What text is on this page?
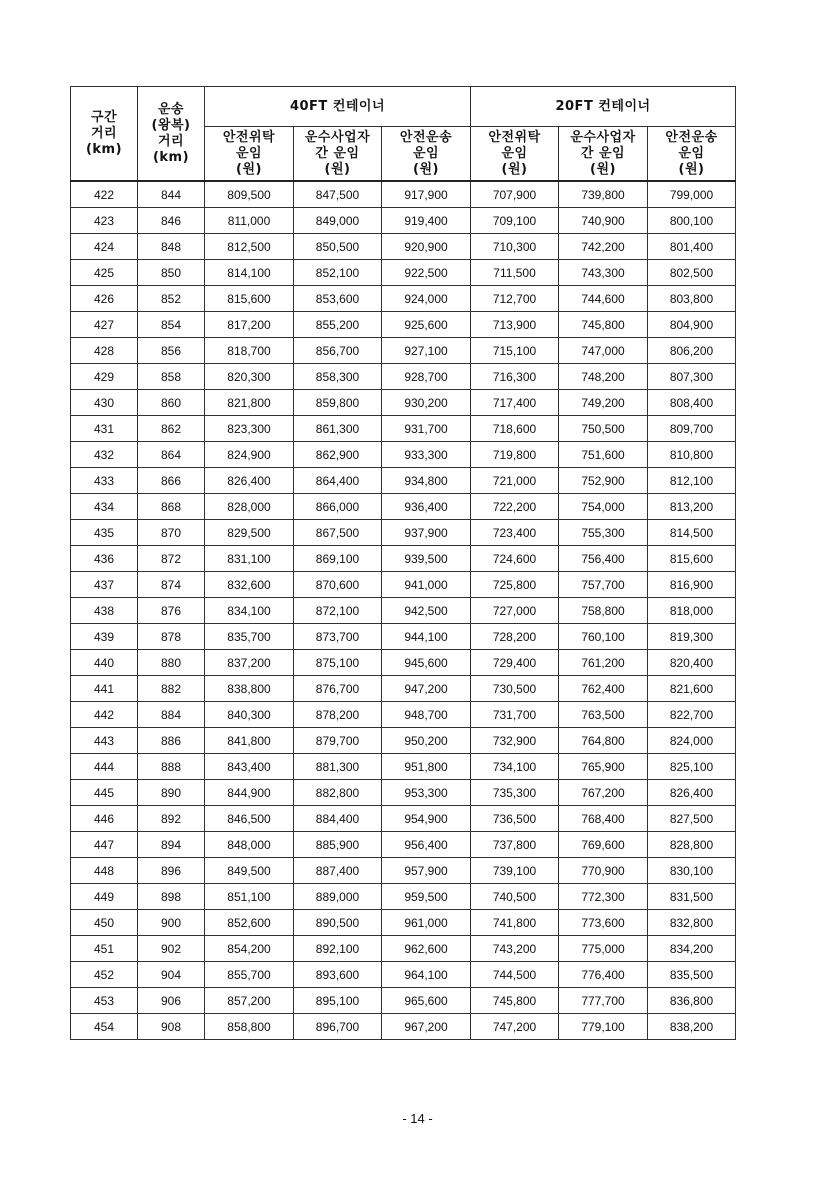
구간
거리
(km)	운송
(왕복)
거리
(km)	40FT 컨테이너			20FT 컨테이너		

		안전위탁
운임
(원)	운수사업자
간 운임
(원)	안전운송
운임
(원)	안전위탁
운임
(원)	운수사업자
간 운임
(원)	안전운송
운임
(원)

422	844	809,500	847,500	917,900	707,900	739,800	799,000
423	846	811,000	849,000	919,400	709,100	740,900	800,100
424	848	812,500	850,500	920,900	710,300	742,200	801,400
425	850	814,100	852,100	922,500	711,500	743,300	802,500
426	852	815,600	853,600	924,000	712,700	744,600	803,800
427	854	817,200	855,200	925,600	713,900	745,800	804,900
428	856	818,700	856,700	927,100	715,100	747,000	806,200
429	858	820,300	858,300	928,700	716,300	748,200	807,300
430	860	821,800	859,800	930,200	717,400	749,200	808,400
431	862	823,300	861,300	931,700	718,600	750,500	809,700
432	864	824,900	862,900	933,300	719,800	751,600	810,800
433	866	826,400	864,400	934,800	721,000	752,900	812,100
434	868	828,000	866,000	936,400	722,200	754,000	813,200
435	870	829,500	867,500	937,900	723,400	755,300	814,500
436	872	831,100	869,100	939,500	724,600	756,400	815,600
437	874	832,600	870,600	941,000	725,800	757,700	816,900
438	876	834,100	872,100	942,500	727,000	758,800	818,000
439	878	835,700	873,700	944,100	728,200	760,100	819,300
440	880	837,200	875,100	945,600	729,400	761,200	820,400
441	882	838,800	876,700	947,200	730,500	762,400	821,600
442	884	840,300	878,200	948,700	731,700	763,500	822,700
443	886	841,800	879,700	950,200	732,900	764,800	824,000
444	888	843,400	881,300	951,800	734,100	765,900	825,100
445	890	844,900	882,800	953,300	735,300	767,200	826,400
446	892	846,500	884,400	954,900	736,500	768,400	827,500
447	894	848,000	885,900	956,400	737,800	769,600	828,800
448	896	849,500	887,400	957,900	739,100	770,900	830,100
449	898	851,100	889,000	959,500	740,500	772,300	831,500
450	900	852,600	890,500	961,000	741,800	773,600	832,800
451	902	854,200	892,100	962,600	743,200	775,000	834,200
452	904	855,700	893,600	964,100	744,500	776,400	835,500
453	906	857,200	895,100	965,600	745,800	777,700	836,800
454	908	858,800	896,700	967,200	747,200	779,100	838,200
- 14 -
